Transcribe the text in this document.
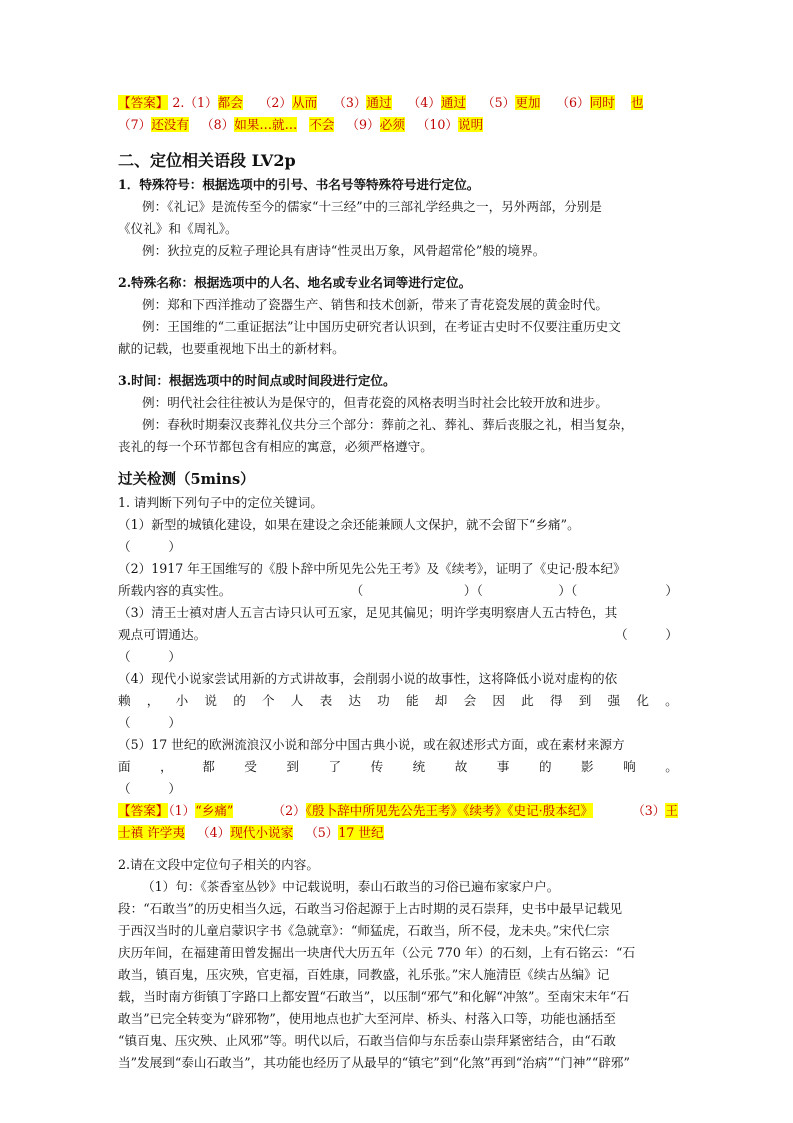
【答案】 2.（1）都会 （2）从而 （3）通过 （4）通过 （5）更加 （6）同时 也
（7）还没有 （8）如果…就… 不会 （9）必须 （10）说明
二、定位相关语段 LV2p
1．特殊符号：根据选项中的引号、书名号等特殊符号进行定位。
例：《礼记》是流传至今的儒家“十三经”中的三部礼学经典之一，另外两部，分别是
《仪礼》和《周礼》。
例：狄拉克的反粒子理论具有唐诗“性灵出万象，风骨超常伦”般的境界。
2.特殊名称：根据选项中的人名、地名或专业名词等进行定位。
例：郑和下西洋推动了瓷器生产、销售和技术创新，带来了青花瓷发展的黄金时代。
例：王国维的“二重证据法”让中国历史研究者认识到，在考证古史时不仅要注重历史文
献的记载，也要重视地下出土的新材料。
3.时间：根据选项中的时间点或时间段进行定位。
例：明代社会往往被认为是保守的，但青花瓷的风格表明当时社会比较开放和进步。
例：春秋时期秦汉丧葬礼仪共分三个部分：葬前之礼、葬礼、葬后丧服之礼，相当复杂，
丧礼的每一个环节都包含有相应的寓意，必须严格遵守。
过关检测（5mins）
1. 请判断下列句子中的定位关键词。
（1）新型的城镇化建设，如果在建设之余还能兼顾人文保护，就不会留下“乡痛”。
（　　　）
（2）1917 年王国维写的《殷卜辞中所见先公先王考》及《续考》，证明了《史记·殷本纪》
所载内容的真实性。	（　　　　　　　　）（　　　　　　）（　　　　　　　）
（3）清王士禛对唐人五言古诗只认可五家，足见其偏见；明许学夷明察唐人五古特色，其
观点可谓通达。	（　　　）
（　　　）
（4）现代小说家尝试用新的方式讲故事，会削弱小说的故事性，这将降低小说对虚构的依
赖 ， 小 说 的 个 人 表 达 功 能 却 会 因 此 得 到 强 化 。
（　　　）
（5）17 世纪的欧洲流浪汉小说和部分中国古典小说，或在叙述形式方面，或在素材来源方
面 ， 都 受 到 了 传 统 故 事 的 影 响 。
（　　　）
【答案】（1）“乡痛”	（2）《殷卜辞中所见先公先王考》《续考》《史记·殷本纪》	（3）王
士禛 许学夷 （4）现代小说家 （5）17 世纪
2.请在文段中定位句子相关的内容。
（1）句：《茶香室丛钞》中记载说明，泰山石敢当的习俗已遍布家家户户。
段：“石敢当”的历史相当久远，石敢当习俗起源于上古时期的灵石崇拜，史书中最早记载见
于西汉当时的儿童启蒙识字书《急就章》：“师猛虎，石敢当，所不侵，龙未央。”宋代仁宗
庆历年间，在福建莆田曾发掘出一块唐代大历五年（公元 770 年）的石刻，上有石铭云：“石
敢当，镇百鬼，压灾殃，官吏福，百姓康，同教盛，礼乐张。”宋人施清臣《续古丛编》记
载，当时南方街镇丁字路口上都安置“石敢当”，以压制“邪气”和化解“冲煞”。至南宋末年“石
敢当”已完全转变为“辟邪物”，使用地点也扩大至河岸、桥头、村落入口等，功能也涵括至
“镇百鬼、压灾殃、止风邪”等。明代以后，石敢当信仰与东岳泰山崇拜紧密结合，由“石敢
当”发展到“泰山石敢当”，其功能也经历了从最早的“镇宅”到“化煞”再到“治病”“门神”“辟邪”
